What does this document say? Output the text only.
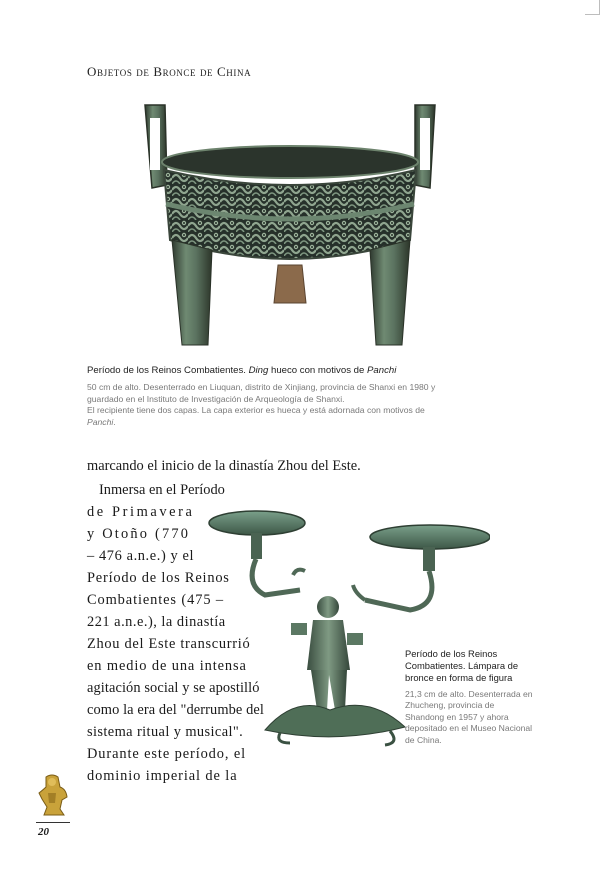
Objetos de Bronce de China
Período de los Reinos Combatientes. Ding hueco con motivos de Panchi
50 cm de alto. Desenterrado en Liuquan, distrito de Xinjiang, provincia de Shanxi en 1980 y
guardado en el Instituto de Investigación de Arqueología de Shanxi.
El recipiente tiene dos capas. La capa exterior es hueca y está adornada con motivos de
Panchi.
marcando el inicio de la dinastía Zhou del Este.
Inmersa en el Período
de Primavera
y Otoño (770
– 476 a.n.e.) y el
Período de los Reinos
Combatientes (475 –
221 a.n.e.), la dinastía
Zhou del Este transcurrió
en medio de una intensa
agitación social y se apostilló
como la era del "derrumbe del
sistema ritual y musical".
Durante este período, el
dominio imperial de la
Período de los Reinos Combatientes. Lámpara de bronce en forma de figura
21,3 cm de alto. Desenterrada en Zhucheng, provincia de Shandong en 1957 y ahora depositado en el Museo Nacional de China.
20
